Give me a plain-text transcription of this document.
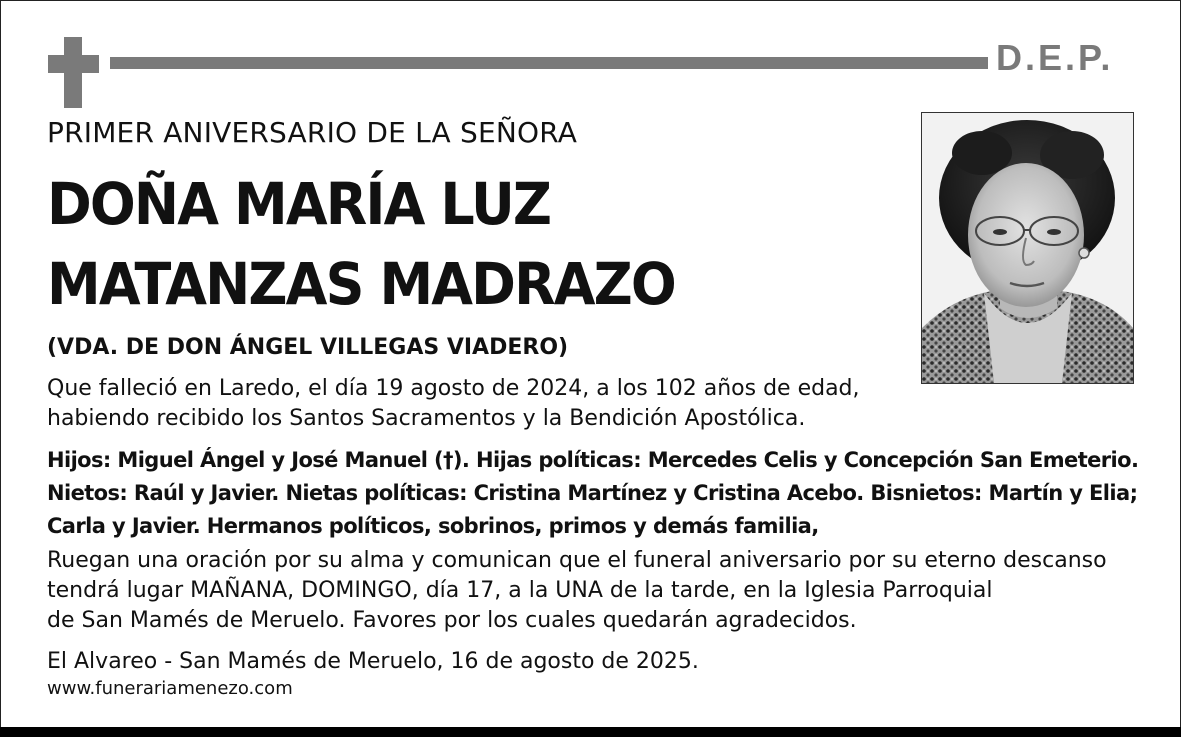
D.E.P.

PRIMER ANIVERSARIO DE LA SEÑORA

DOÑA MARÍA LUZ

MATANZAS MADRAZO

(VDA. DE DON ÁNGEL VILLEGAS VIADERO)

Que falleció en Laredo, el día 19 agosto de 2024, a los 102 años de edad,
habiendo recibido los Santos Sacramentos y la Bendición Apostólica.
Hijos: Miguel Ángel y José Manuel (†). Hijas políticas: Mercedes Celis y Concepción San Emeterio.
Nietos: Raúl y Javier. Nietas políticas: Cristina Martínez y Cristina Acebo. Bisnietos: Martín y Elia;
Carla y Javier. Hermanos políticos, sobrinos, primos y demás familia,
Ruegan una oración por su alma y comunican que el funeral aniversario por su eterno descanso
tendrá lugar MAÑANA, DOMINGO, día 17, a la UNA de la tarde, en la Iglesia Parroquial
de San Mamés de Meruelo. Favores por los cuales quedarán agradecidos.

El Alvareo - San Mamés de Meruelo, 16 de agosto de 2025.

www.funerariamenezo.com
